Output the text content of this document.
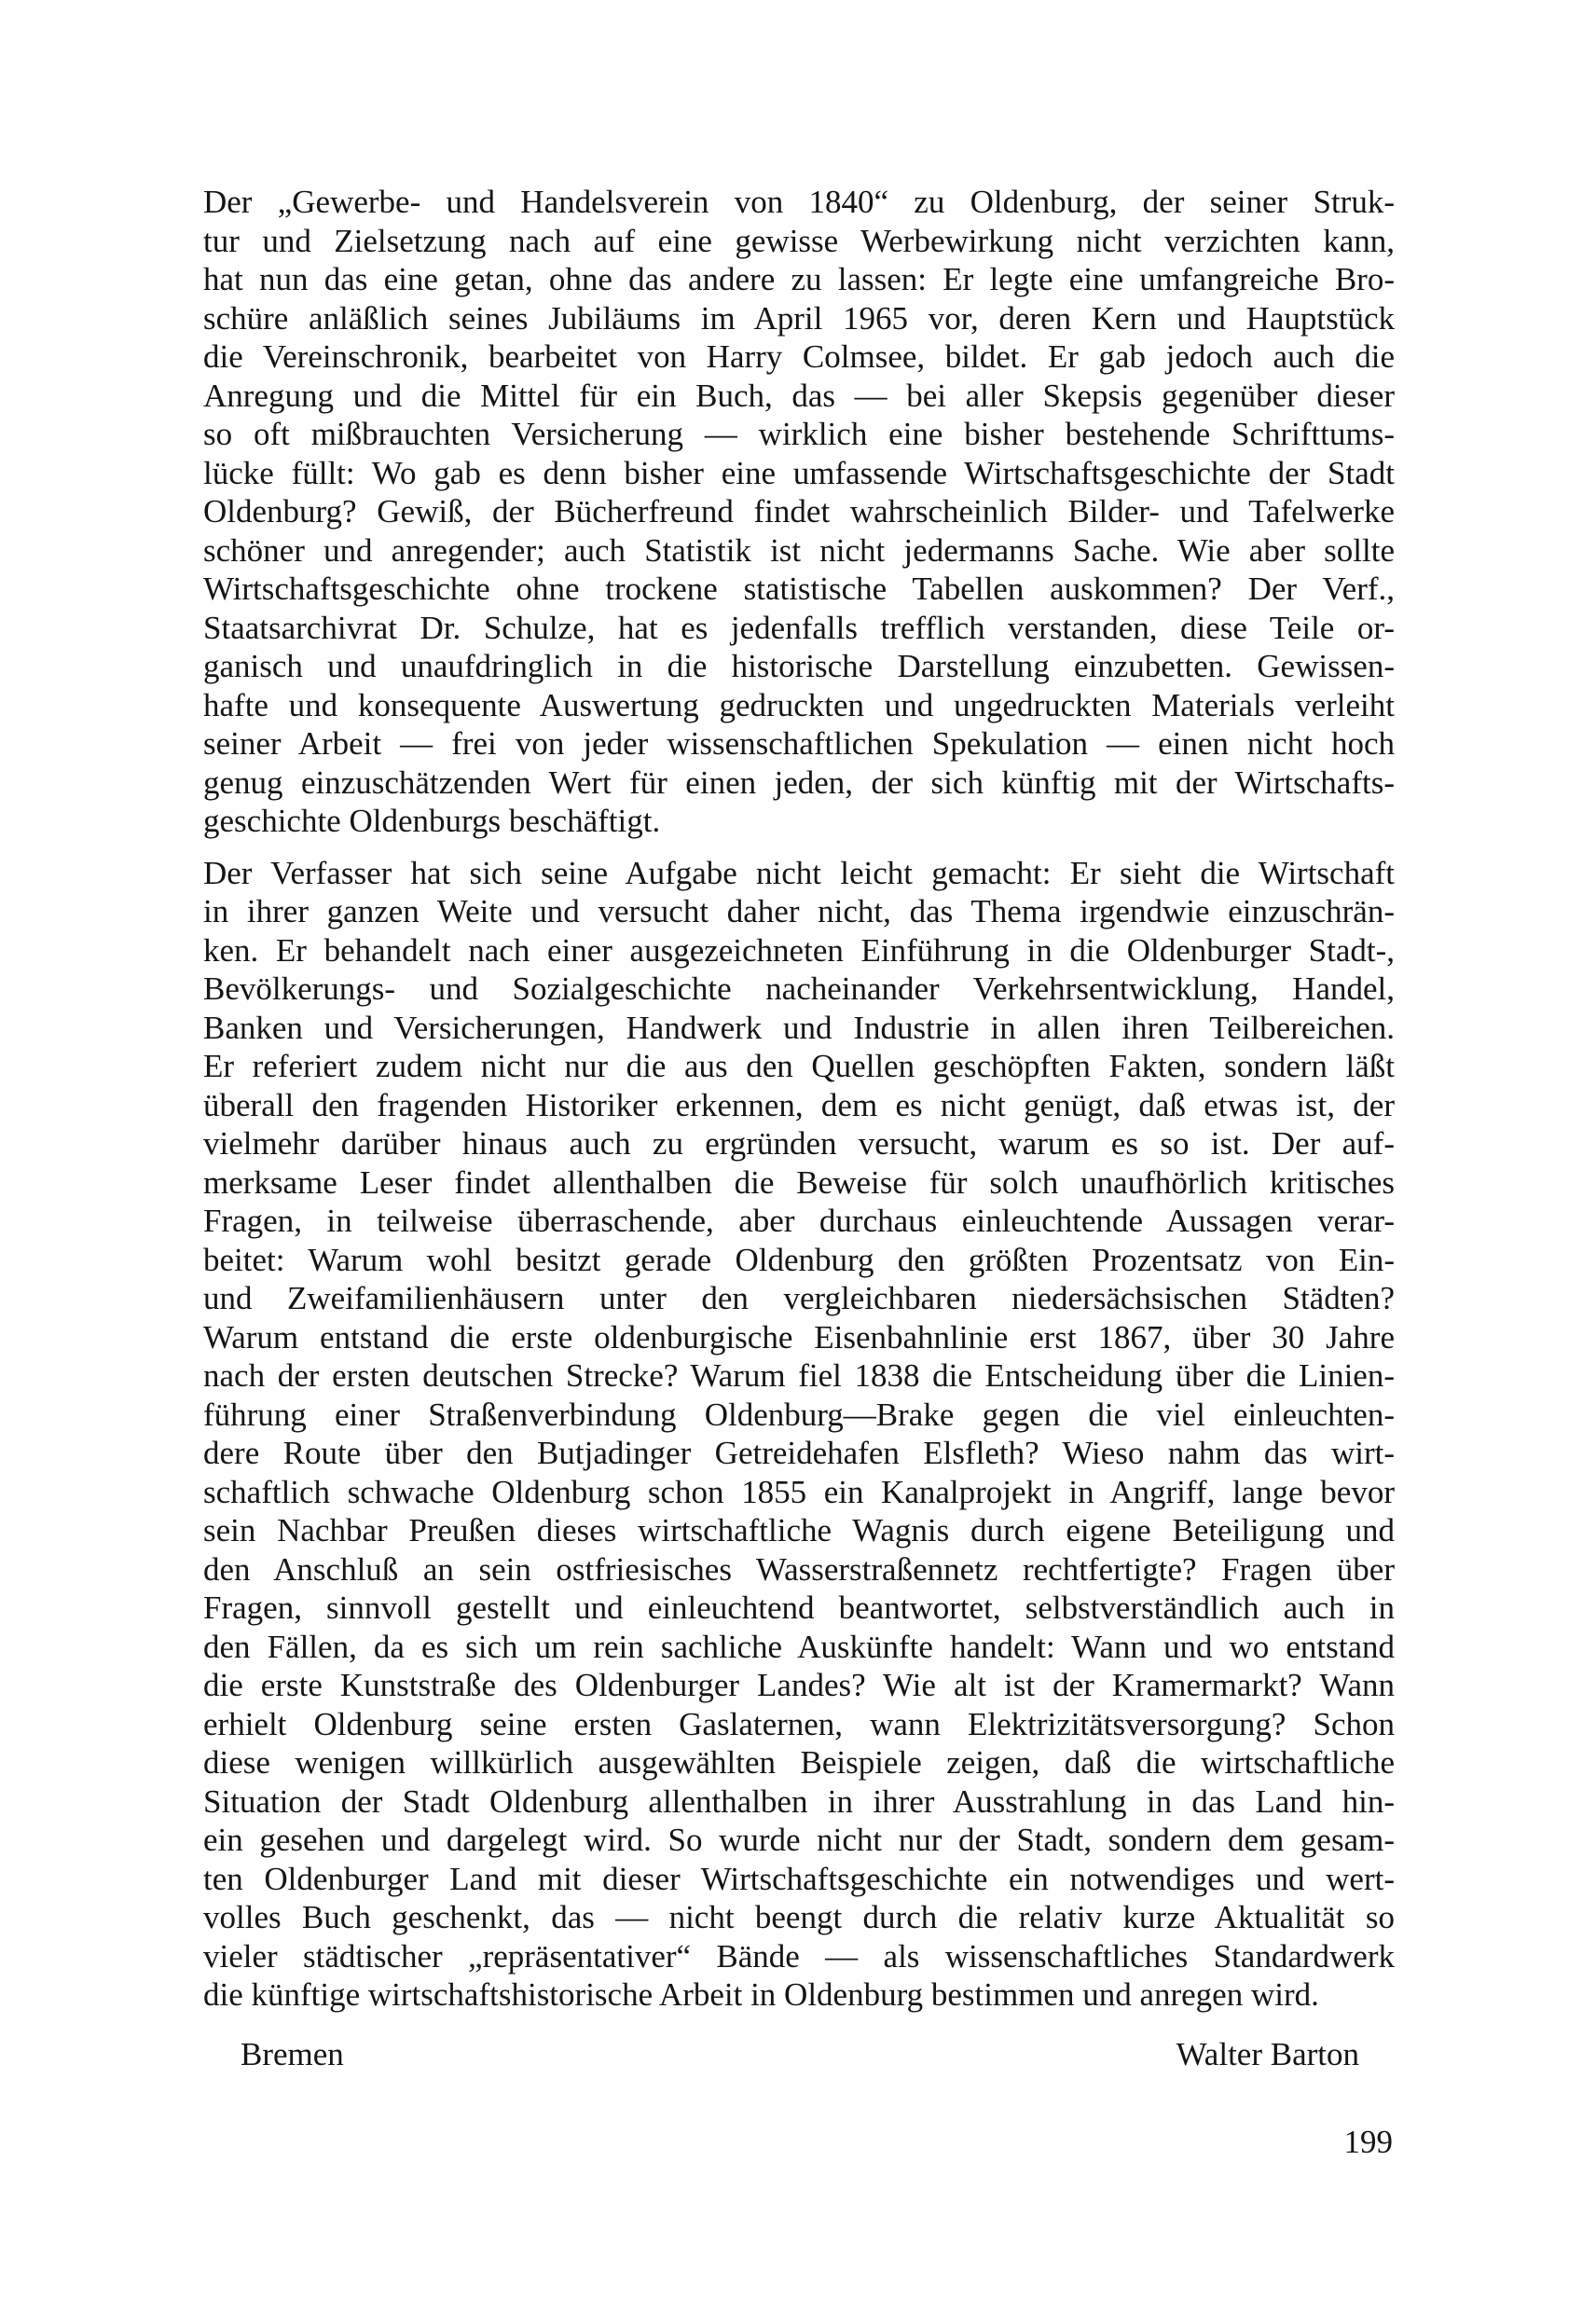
Der „Gewerbe- und Handelsverein von 1840“ zu Oldenburg, der seiner Struk-
tur und Zielsetzung nach auf eine gewisse Werbewirkung nicht verzichten kann,
hat nun das eine getan, ohne das andere zu lassen: Er legte eine umfangreiche Bro-
schüre anläßlich seines Jubiläums im April 1965 vor, deren Kern und Hauptstück
die Vereinschronik, bearbeitet von Harry Colmsee, bildet. Er gab jedoch auch die
Anregung und die Mittel für ein Buch, das — bei aller Skepsis gegenüber dieser
so oft mißbrauchten Versicherung — wirklich eine bisher bestehende Schrifttums-
lücke füllt: Wo gab es denn bisher eine umfassende Wirtschaftsgeschichte der Stadt
Oldenburg? Gewiß, der Bücherfreund findet wahrscheinlich Bilder- und Tafelwerke
schöner und anregender; auch Statistik ist nicht jedermanns Sache. Wie aber sollte
Wirtschaftsgeschichte ohne trockene statistische Tabellen auskommen? Der Verf.,
Staatsarchivrat Dr. Schulze, hat es jedenfalls trefflich verstanden, diese Teile or-
ganisch und unaufdringlich in die historische Darstellung einzubetten. Gewissen-
hafte und konsequente Auswertung gedruckten und ungedruckten Materials verleiht
seiner Arbeit — frei von jeder wissenschaftlichen Spekulation — einen nicht hoch
genug einzuschätzenden Wert für einen jeden, der sich künftig mit der Wirtschafts-
geschichte Oldenburgs beschäftigt.

Der Verfasser hat sich seine Aufgabe nicht leicht gemacht: Er sieht die Wirtschaft
in ihrer ganzen Weite und versucht daher nicht, das Thema irgendwie einzuschrän-
ken. Er behandelt nach einer ausgezeichneten Einführung in die Oldenburger Stadt-,
Bevölkerungs- und Sozialgeschichte nacheinander Verkehrsentwicklung, Handel,
Banken und Versicherungen, Handwerk und Industrie in allen ihren Teilbereichen.
Er referiert zudem nicht nur die aus den Quellen geschöpften Fakten, sondern läßt
überall den fragenden Historiker erkennen, dem es nicht genügt, daß etwas ist, der
vielmehr darüber hinaus auch zu ergründen versucht, warum es so ist. Der auf-
merksame Leser findet allenthalben die Beweise für solch unaufhörlich kritisches
Fragen, in teilweise überraschende, aber durchaus einleuchtende Aussagen verar-
beitet: Warum wohl besitzt gerade Oldenburg den größten Prozentsatz von Ein-
und Zweifamilienhäusern unter den vergleichbaren niedersächsischen Städten?
Warum entstand die erste oldenburgische Eisenbahnlinie erst 1867, über 30 Jahre
nach der ersten deutschen Strecke? Warum fiel 1838 die Entscheidung über die Linien-
führung einer Straßenverbindung Oldenburg—Brake gegen die viel einleuchten-
dere Route über den Butjadinger Getreidehafen Elsfleth? Wieso nahm das wirt-
schaftlich schwache Oldenburg schon 1855 ein Kanalprojekt in Angriff, lange bevor
sein Nachbar Preußen dieses wirtschaftliche Wagnis durch eigene Beteiligung und
den Anschluß an sein ostfriesisches Wasserstraßennetz rechtfertigte? Fragen über
Fragen, sinnvoll gestellt und einleuchtend beantwortet, selbstverständlich auch in
den Fällen, da es sich um rein sachliche Auskünfte handelt: Wann und wo entstand
die erste Kunststraße des Oldenburger Landes? Wie alt ist der Kramermarkt? Wann
erhielt Oldenburg seine ersten Gaslaternen, wann Elektrizitätsversorgung? Schon
diese wenigen willkürlich ausgewählten Beispiele zeigen, daß die wirtschaftliche
Situation der Stadt Oldenburg allenthalben in ihrer Ausstrahlung in das Land hin-
ein gesehen und dargelegt wird. So wurde nicht nur der Stadt, sondern dem gesam-
ten Oldenburger Land mit dieser Wirtschaftsgeschichte ein notwendiges und wert-
volles Buch geschenkt, das — nicht beengt durch die relativ kurze Aktualität so
vieler städtischer „repräsentativer“ Bände — als wissenschaftliches Standardwerk
die künftige wirtschaftshistorische Arbeit in Oldenburg bestimmen und anregen wird.

Bremen	Walter Barton
199
